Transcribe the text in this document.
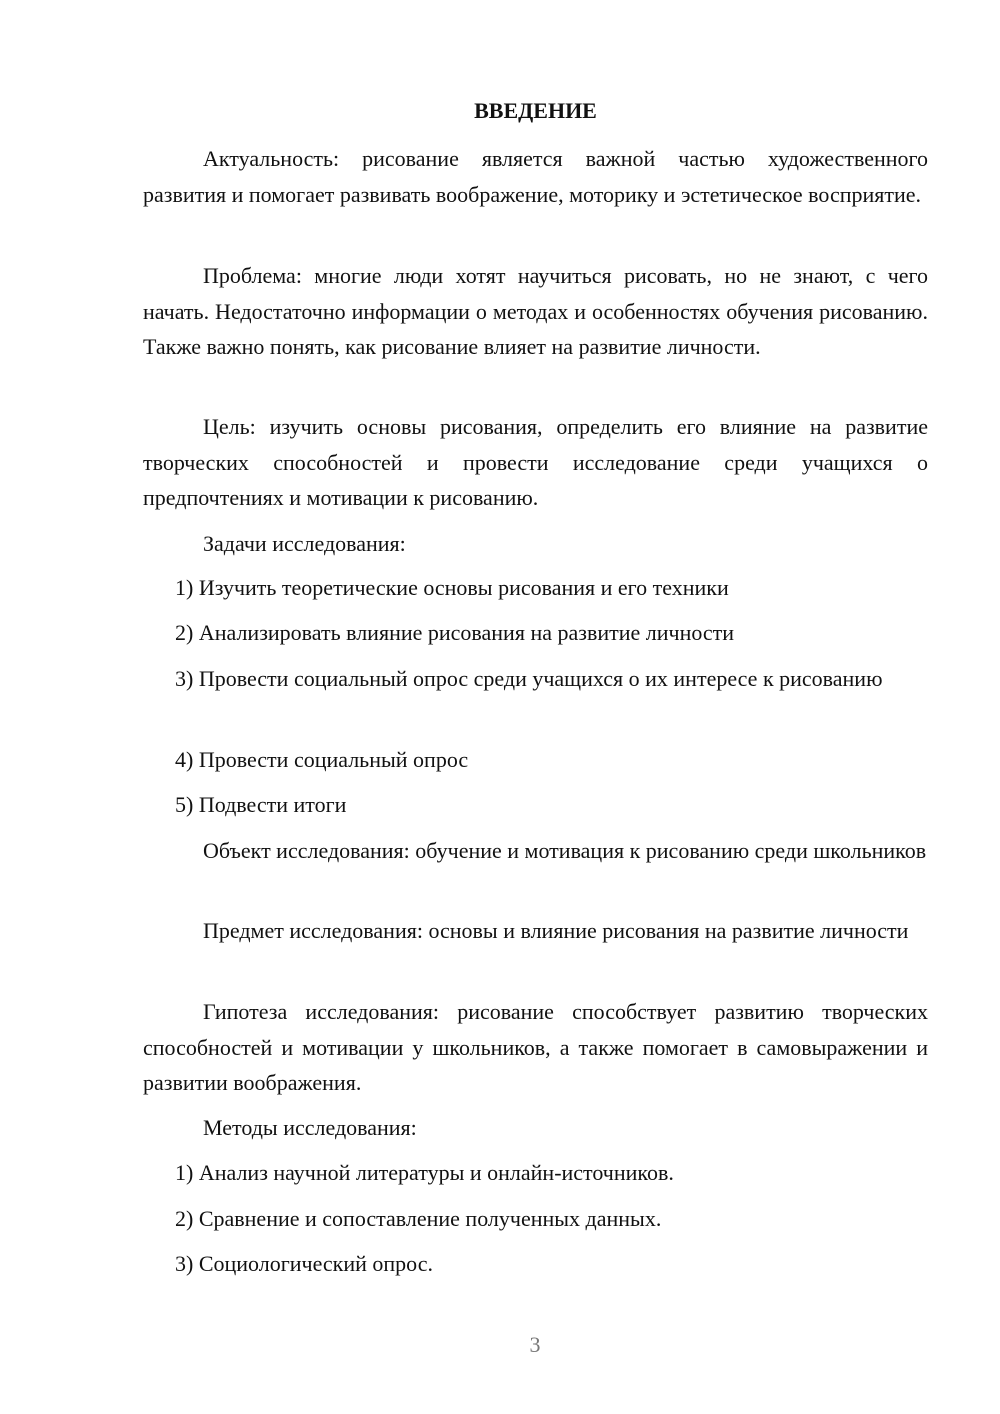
ВВЕДЕНИЕ

Актуальность: рисование является важной частью художественного развития и помогает развивать воображение, моторику и эстетическое восприятие.

Проблема: многие люди хотят научиться рисовать, но не знают, с чего начать. Недостаточно информации о методах и особенностях обучения рисованию. Также важно понять, как рисование влияет на развитие личности.

Цель: изучить основы рисования, определить его влияние на развитие творческих способностей и провести исследование среди учащихся о предпочтениях и мотивации к рисованию.

Задачи исследования:

1) Изучить теоретические основы рисования и его техники

2) Анализировать влияние рисования на развитие личности

3) Провести социальный опрос среди учащихся о их интересе к рисованию

4) Провести социальный опрос

5) Подвести итоги

Объект исследования: обучение и мотивация к рисованию среди школьников

Предмет исследования: основы и влияние рисования на развитие личности

Гипотеза исследования: рисование способствует развитию творческих способностей и мотивации у школьников, а также помогает в самовыражении и развитии воображения.

Методы исследования:

1) Анализ научной литературы и онлайн-источников.

2) Сравнение и сопоставление полученных данных.

3) Социологический опрос.

3
